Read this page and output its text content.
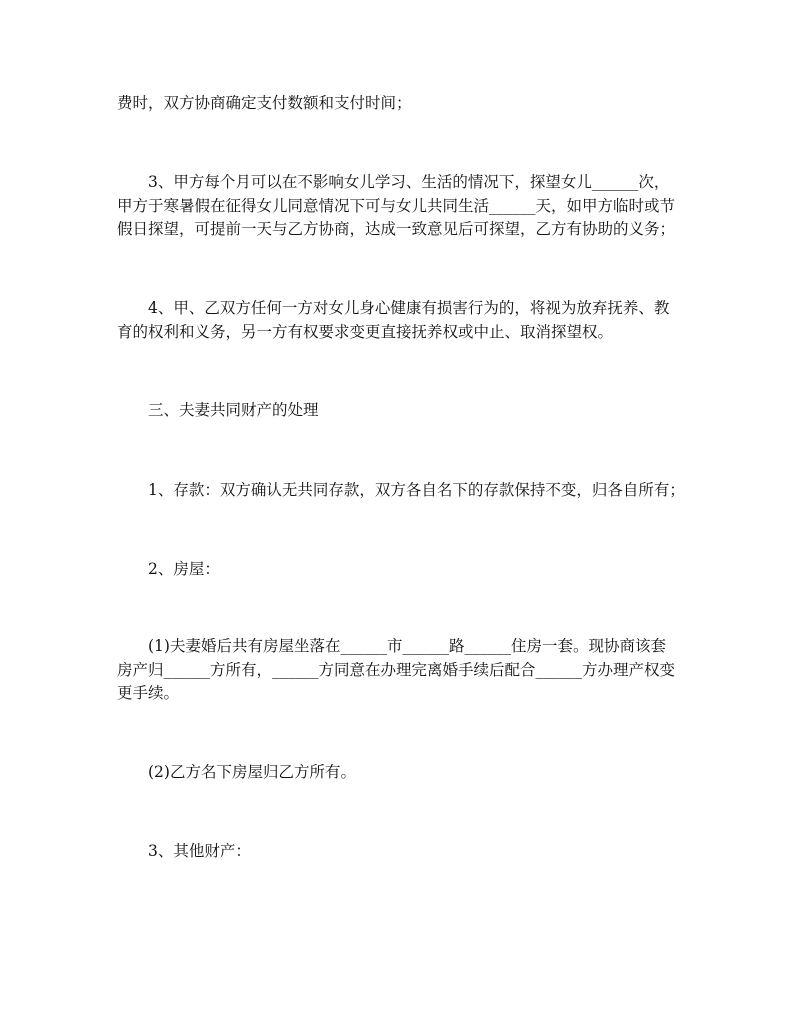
费时，双方协商确定支付数额和支付时间；
3、甲方每个月可以在不影响女儿学习、生活的情况下，探望女儿______次，
甲方于寒暑假在征得女儿同意情况下可与女儿共同生活______天，如甲方临时或节
假日探望，可提前一天与乙方协商，达成一致意见后可探望，乙方有协助的义务；
4、甲、乙双方任何一方对女儿身心健康有损害行为的，将视为放弃抚养、教
育的权利和义务，另一方有权要求变更直接抚养权或中止、取消探望权。
三、夫妻共同财产的处理
1、存款：双方确认无共同存款，双方各自名下的存款保持不变，归各自所有；
2、房屋：
(1)夫妻婚后共有房屋坐落在______市______路______住房一套。现协商该套
房产归______方所有，______方同意在办理完离婚手续后配合______方办理产权变
更手续。
(2)乙方名下房屋归乙方所有。
3、其他财产：
